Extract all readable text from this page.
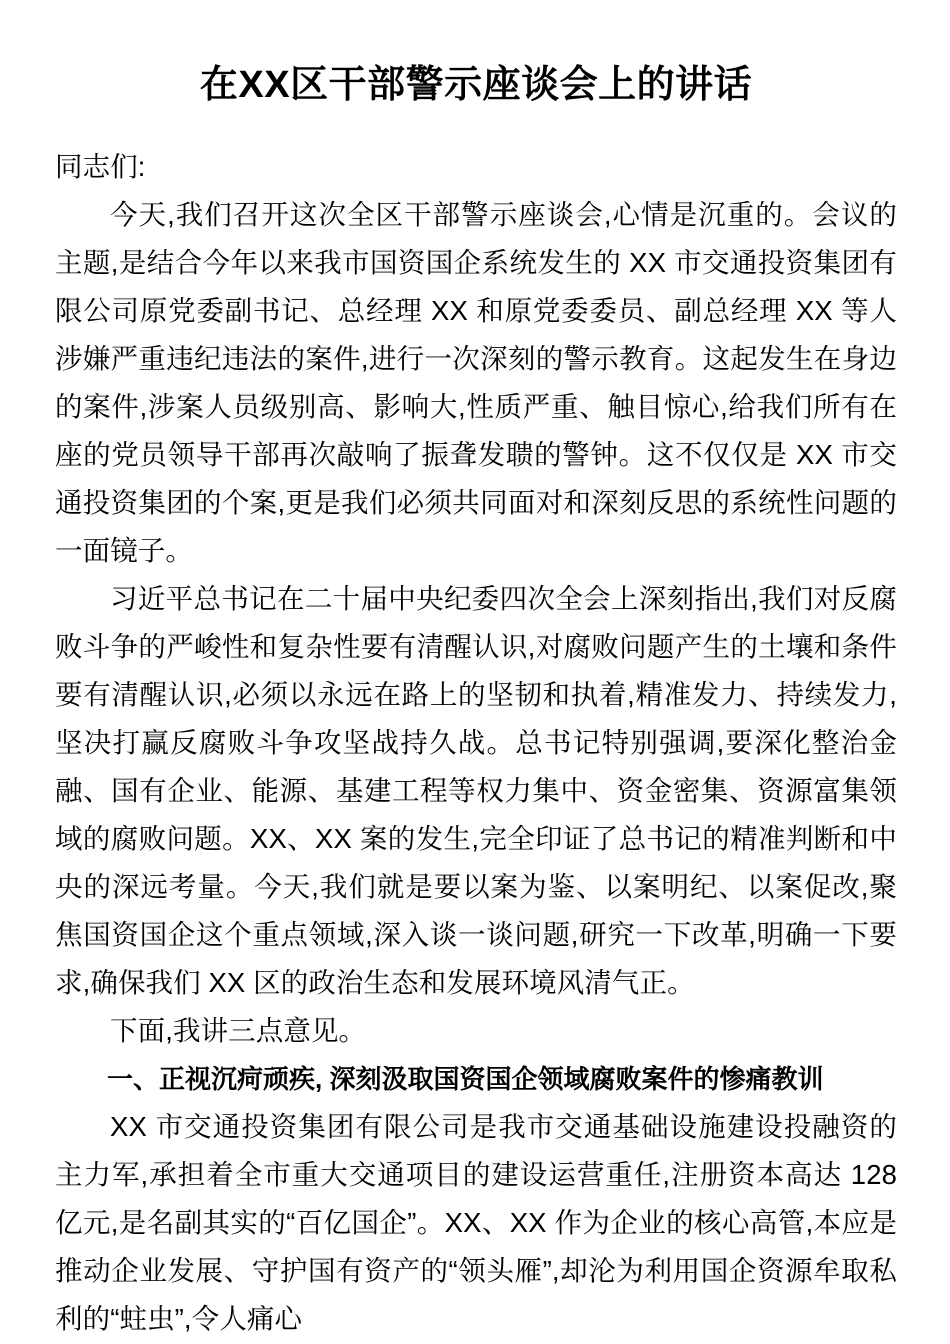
在XX区干部警示座谈会上的讲话

同志们:

今天,我们召开这次全区干部警示座谈会,心情是沉重的。会议的主题,是结合今年以来我市国资国企系统发生的 XX 市交通投资集团有限公司原党委副书记、总经理 XX 和原党委委员、副总经理 XX 等人涉嫌严重违纪违法的案件,进行一次深刻的警示教育。这起发生在身边的案件,涉案人员级别高、影响大,性质严重、触目惊心,给我们所有在座的党员领导干部再次敲响了振聋发聩的警钟。这不仅仅是 XX 市交通投资集团的个案,更是我们必须共同面对和深刻反思的系统性问题的一面镜子。

习近平总书记在二十届中央纪委四次全会上深刻指出,我们对反腐败斗争的严峻性和复杂性要有清醒认识,对腐败问题产生的土壤和条件要有清醒认识,必须以永远在路上的坚韧和执着,精准发力、持续发力,坚决打赢反腐败斗争攻坚战持久战。总书记特别强调,要深化整治金融、国有企业、能源、基建工程等权力集中、资金密集、资源富集领域的腐败问题。XX、XX 案的发生,完全印证了总书记的精准判断和中央的深远考量。今天,我们就是要以案为鉴、以案明纪、以案促改,聚焦国资国企这个重点领域,深入谈一谈问题,研究一下改革,明确一下要求,确保我们 XX 区的政治生态和发展环境风清气正。

下面,我讲三点意见。

一、正视沉疴顽疾, 深刻汲取国资国企领域腐败案件的惨痛教训

XX 市交通投资集团有限公司是我市交通基础设施建设投融资的主力军,承担着全市重大交通项目的建设运营重任,注册资本高达 128 亿元,是名副其实的“百亿国企”。XX、XX 作为企业的核心高管,本应是推动企业发展、守护国有资产的“领头雁”,却沦为利用国企资源牟取私利的“蛀虫”,令人痛心
